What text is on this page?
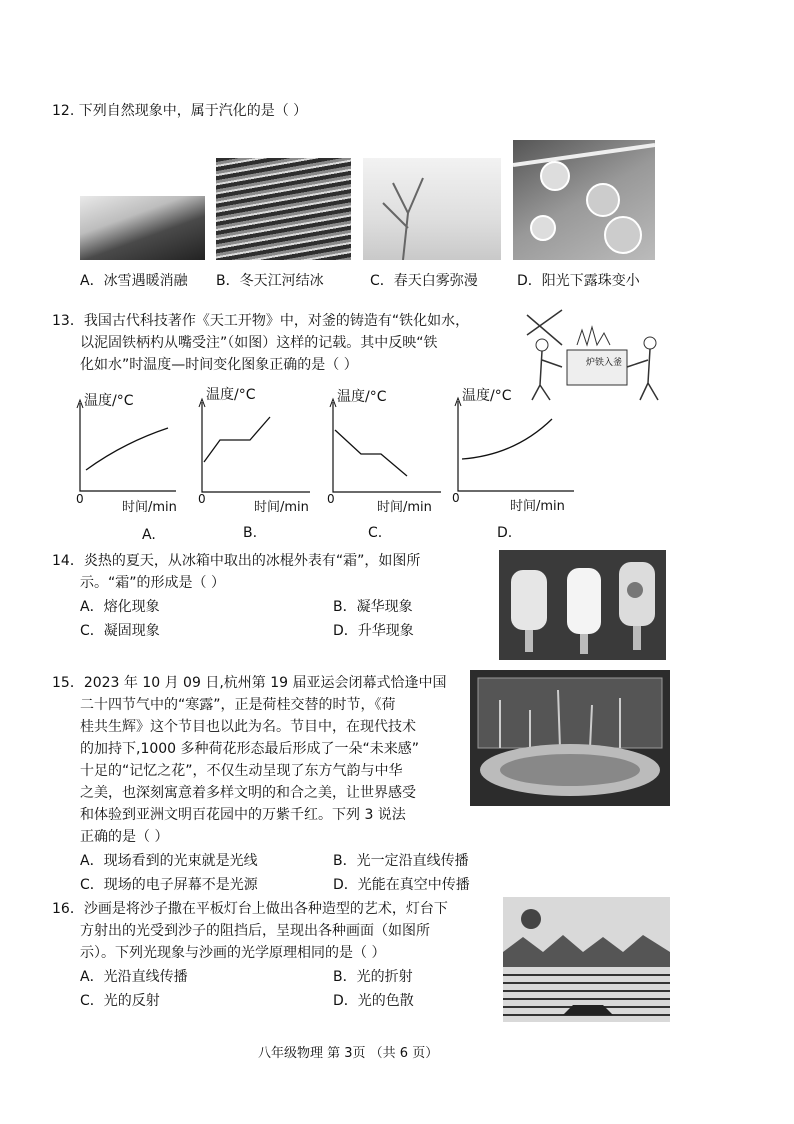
12. 下列自然现象中，属于汽化的是（ ）
A．冰雪遇暖消融 B．冬天江河结冰	C．春天白雾弥漫	D．阳光下露珠变小
13．我国古代科技著作《天工开物》中，对釜的铸造有“铁化如水，
以泥固铁柄杓从嘴受注”（如图）这样的记载。其中反映“铁
化如水”时温度—时间变化图象正确的是（ ）	炉铁入釜
温度/°C
0
时间/min
温度/°C
0
时间/min
温度/°C
0
时间/min
温度/°C
0
时间/min
A.	B.	C.	D.
14．炎热的夏天，从冰箱中取出的冰棍外表有“霜”，如图所
示。“霜”的形成是（ ）
A．熔化现象	B．凝华现象
C．凝固现象	D．升华现象
15．2023 年 10 月 09 日,杭州第 19 届亚运会闭幕式恰逢中国
二十四节气中的“寒露”，正是荷桂交替的时节，《荷
桂共生辉》这个节目也以此为名。节目中，在现代技术
的加持下,1000 多种荷花形态最后形成了一朵“未来感”
十足的“记忆之花”，不仅生动呈现了东方气韵与中华
之美，也深刻寓意着多样文明的和合之美，让世界感受
和体验到亚洲文明百花园中的万紫千红。下列 3 说法
正确的是（ ）
A．现场看到的光束就是光线	B．光一定沿直线传播
C．现场的电子屏幕不是光源	D．光能在真空中传播
16．沙画是将沙子撒在平板灯台上做出各种造型的艺术，灯台下
方射出的光受到沙子的阻挡后，呈现出各种画面（如图所
示）。下列光现象与沙画的光学原理相同的是（ ）
A．光沿直线传播	B．光的折射
C．光的反射	D．光的色散
八年级物理 第 3页 （共 6 页）
